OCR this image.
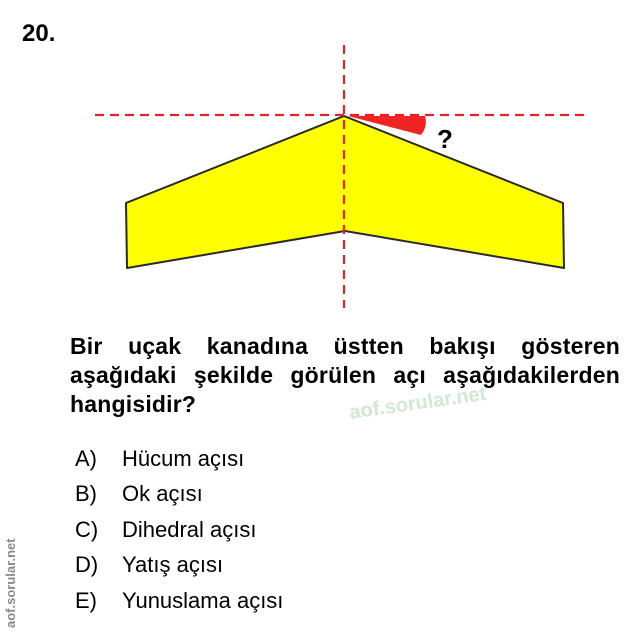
20.
?
Bir uçak kanadına üstten bakışı gösteren
aşağıdaki şekilde görülen açı aşağıdakilerden
hangisidir?	aof.sorular.net
A)	Hücum açısı
B)	Ok açısı
C)	Dihedral açısı
D)	Yatış açısı
E)	Yunuslama açısı
aof.sorular.net
